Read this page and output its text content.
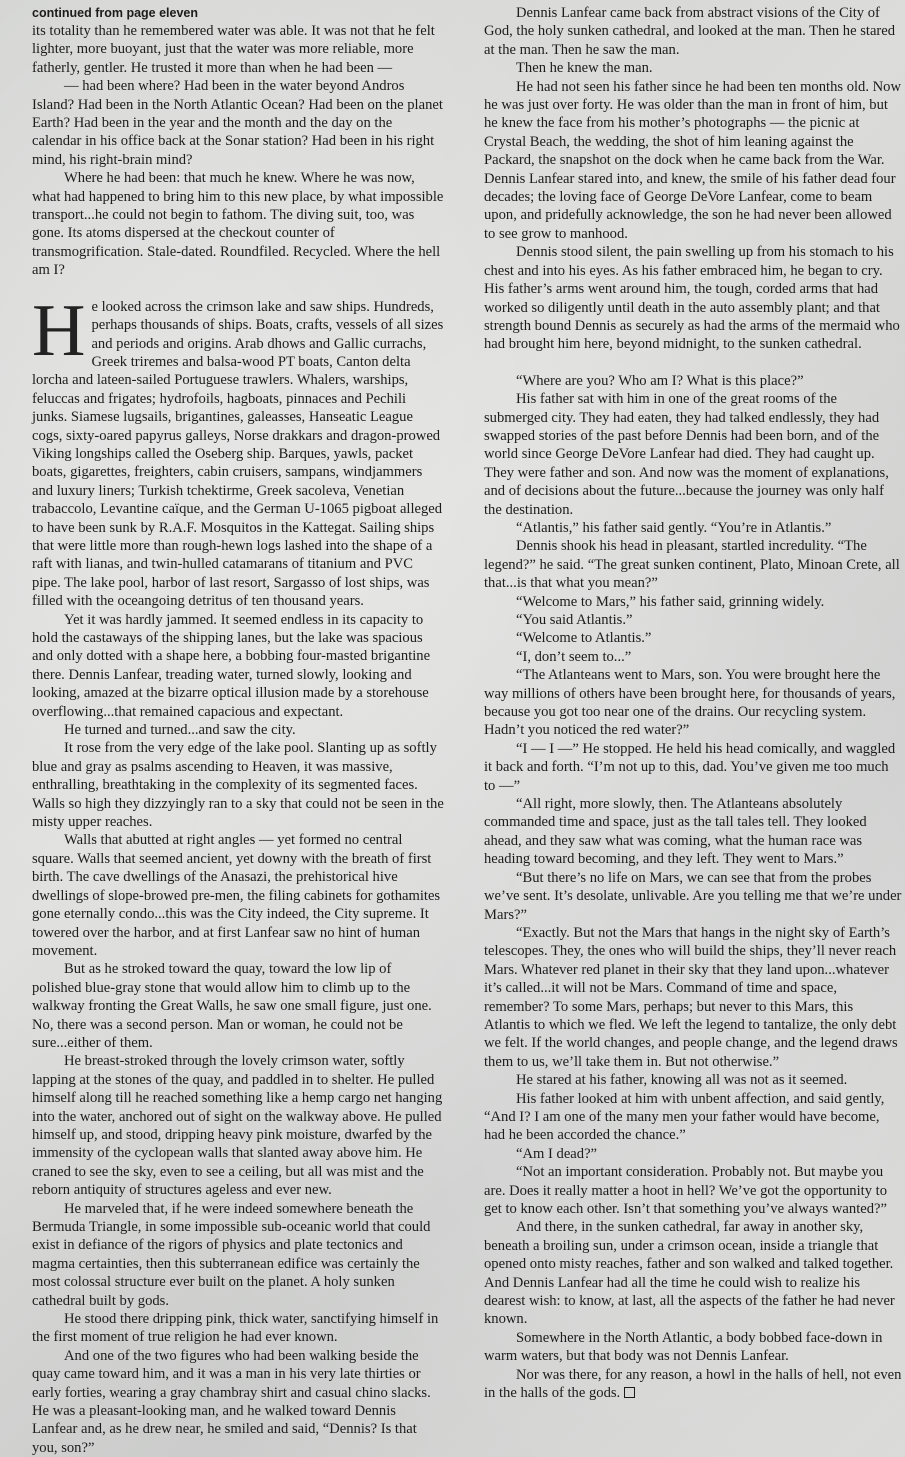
continued from page eleven

its totality than he remembered water was able. It was not that he felt lighter, more buoyant, just that the water was more reliable, more fatherly, gentler. He trusted it more than when he had been —

— had been where? Had been in the water beyond Andros Island? Had been in the North Atlantic Ocean? Had been on the planet Earth? Had been in the year and the month and the day on the calendar in his office back at the Sonar station? Had been in his right mind, his right-brain mind?

Where he had been: that much he knew. Where he was now, what had happened to bring him to this new place, by what impossible transport...he could not begin to fathom. The diving suit, too, was gone. Its atoms dispersed at the checkout counter of transmogrification. Stale-dated. Roundfiled. Recycled. Where the hell am I?

He looked across the crimson lake and saw ships. Hundreds, perhaps thousands of ships. Boats, crafts, vessels of all sizes and periods and origins. Arab dhows and Gallic currachs, Greek triremes and balsa-wood PT boats, Canton delta lorcha and lateen-sailed Portuguese trawlers. Whalers, warships, feluccas and frigates; hydrofoils, hagboats, pinnaces and Pechili junks. Siamese lugsails, brigantines, galeasses, Hanseatic League cogs, sixty-oared papyrus galleys, Norse drakkars and dragon-prowed Viking longships called the Oseberg ship. Barques, yawls, packet boats, gigarettes, freighters, cabin cruisers, sampans, windjammers and luxury liners; Turkish tchektirme, Greek sacoleva, Venetian trabaccolo, Levantine caïque, and the German U-1065 pigboat alleged to have been sunk by R.A.F. Mosquitos in the Kattegat. Sailing ships that were little more than rough-hewn logs lashed into the shape of a raft with lianas, and twin-hulled catamarans of titanium and PVC pipe. The lake pool, harbor of last resort, Sargasso of lost ships, was filled with the oceangoing detritus of ten thousand years.

Yet it was hardly jammed. It seemed endless in its capacity to hold the castaways of the shipping lanes, but the lake was spacious and only dotted with a shape here, a bobbing four-masted brigantine there. Dennis Lanfear, treading water, turned slowly, looking and looking, amazed at the bizarre optical illusion made by a storehouse overflowing...that remained capacious and expectant.

He turned and turned...and saw the city.

It rose from the very edge of the lake pool. Slanting up as softly blue and gray as psalms ascending to Heaven, it was massive, enthralling, breathtaking in the complexity of its segmented faces. Walls so high they dizzyingly ran to a sky that could not be seen in the misty upper reaches.

Walls that abutted at right angles — yet formed no central square. Walls that seemed ancient, yet downy with the breath of first birth. The cave dwellings of the Anasazi, the prehistorical hive dwellings of slope-browed pre-men, the filing cabinets for gothamites gone eternally condo...this was the City indeed, the City supreme. It towered over the harbor, and at first Lanfear saw no hint of human movement.

But as he stroked toward the quay, toward the low lip of polished blue-gray stone that would allow him to climb up to the walkway fronting the Great Walls, he saw one small figure, just one. No, there was a second person. Man or woman, he could not be sure...either of them.

He breast-stroked through the lovely crimson water, softly lapping at the stones of the quay, and paddled in to shelter. He pulled himself along till he reached something like a hemp cargo net hanging into the water, anchored out of sight on the walkway above. He pulled himself up, and stood, dripping heavy pink moisture, dwarfed by the immensity of the cyclopean walls that slanted away above him. He craned to see the sky, even to see a ceiling, but all was mist and the reborn antiquity of structures ageless and ever new.

He marveled that, if he were indeed somewhere beneath the Bermuda Triangle, in some impossible sub-oceanic world that could exist in defiance of the rigors of physics and plate tectonics and magma certainties, then this subterranean edifice was certainly the most colossal structure ever built on the planet. A holy sunken cathedral built by gods.

He stood there dripping pink, thick water, sanctifying himself in the first moment of true religion he had ever known.

And one of the two figures who had been walking beside the quay came toward him, and it was a man in his very late thirties or early forties, wearing a gray chambray shirt and casual chino slacks. He was a pleasant-looking man, and he walked toward Dennis Lanfear and, as he drew near, he smiled and said, “Dennis? Is that you, son?”

Dennis Lanfear came back from abstract visions of the City of God, the holy sunken cathedral, and looked at the man. Then he stared at the man. Then he saw the man.

Then he knew the man.

He had not seen his father since he had been ten months old. Now he was just over forty. He was older than the man in front of him, but he knew the face from his mother’s photographs — the picnic at Crystal Beach, the wedding, the shot of him leaning against the Packard, the snapshot on the dock when he came back from the War. Dennis Lanfear stared into, and knew, the smile of his father dead four decades; the loving face of George DeVore Lanfear, come to beam upon, and pridefully acknowledge, the son he had never been allowed to see grow to manhood.

Dennis stood silent, the pain swelling up from his stomach to his chest and into his eyes. As his father embraced him, he began to cry. His father’s arms went around him, the tough, corded arms that had worked so diligently until death in the auto assembly plant; and that strength bound Dennis as securely as had the arms of the mermaid who had brought him here, beyond midnight, to the sunken cathedral.

“Where are you? Who am I? What is this place?”

His father sat with him in one of the great rooms of the submerged city. They had eaten, they had talked endlessly, they had swapped stories of the past before Dennis had been born, and of the world since George DeVore Lanfear had died. They had caught up. They were father and son. And now was the moment of explanations, and of decisions about the future...because the journey was only half the destination.

“Atlantis,” his father said gently. “You’re in Atlantis.”

Dennis shook his head in pleasant, startled incredulity. “The legend?” he said. “The great sunken continent, Plato, Minoan Crete, all that...is that what you mean?”

“Welcome to Mars,” his father said, grinning widely.

“You said Atlantis.”

“Welcome to Atlantis.”

“I, don’t seem to...”

“The Atlanteans went to Mars, son. You were brought here the way millions of others have been brought here, for thousands of years, because you got too near one of the drains. Our recycling system. Hadn’t you noticed the red water?”

“I — I —” He stopped. He held his head comically, and waggled it back and forth. “I’m not up to this, dad. You’ve given me too much to —”

“All right, more slowly, then. The Atlanteans absolutely commanded time and space, just as the tall tales tell. They looked ahead, and they saw what was coming, what the human race was heading toward becoming, and they left. They went to Mars.”

“But there’s no life on Mars, we can see that from the probes we’ve sent. It’s desolate, unlivable. Are you telling me that we’re under Mars?”

“Exactly. But not the Mars that hangs in the night sky of Earth’s telescopes. They, the ones who will build the ships, they’ll never reach Mars. Whatever red planet in their sky that they land upon...whatever it’s called...it will not be Mars. Command of time and space, remember? To some Mars, perhaps; but never to this Mars, this Atlantis to which we fled. We left the legend to tantalize, the only debt we felt. If the world changes, and people change, and the legend draws them to us, we’ll take them in. But not otherwise.”

He stared at his father, knowing all was not as it seemed.

His father looked at him with unbent affection, and said gently, “And I? I am one of the many men your father would have become, had he been accorded the chance.”

“Am I dead?”

“Not an important consideration. Probably not. But maybe you are. Does it really matter a hoot in hell? We’ve got the opportunity to get to know each other. Isn’t that something you’ve always wanted?”

And there, in the sunken cathedral, far away in another sky, beneath a broiling sun, under a crimson ocean, inside a triangle that opened onto misty reaches, father and son walked and talked together. And Dennis Lanfear had all the time he could wish to realize his dearest wish: to know, at last, all the aspects of the father he had never known.

Somewhere in the North Atlantic, a body bobbed face-down in warm waters, but that body was not Dennis Lanfear.

Nor was there, for any reason, a howl in the halls of hell, not even in the halls of the gods.
